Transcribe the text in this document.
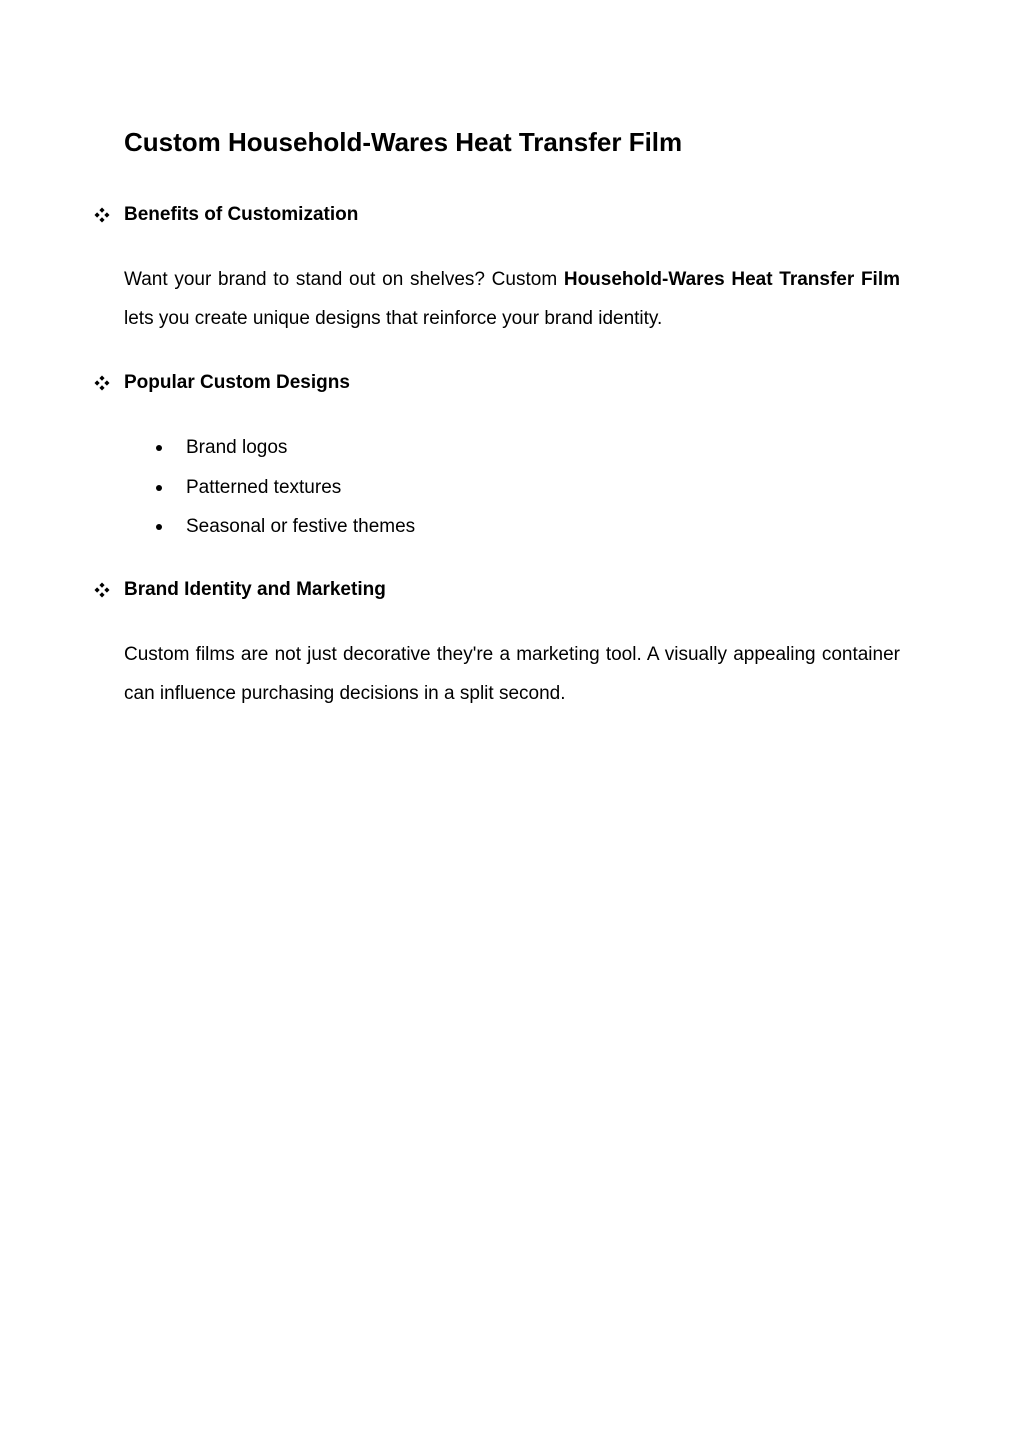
Custom Household-Wares Heat Transfer Film
Benefits of Customization

Want your brand to stand out on shelves? Custom Household-Wares Heat Transfer Film lets you create unique designs that reinforce your brand identity.

Popular Custom Designs
Brand logos
Patterned textures
Seasonal or festive themes
Brand Identity and Marketing

Custom films are not just decorative they're a marketing tool. A visually appealing container can influence purchasing decisions in a split second.
